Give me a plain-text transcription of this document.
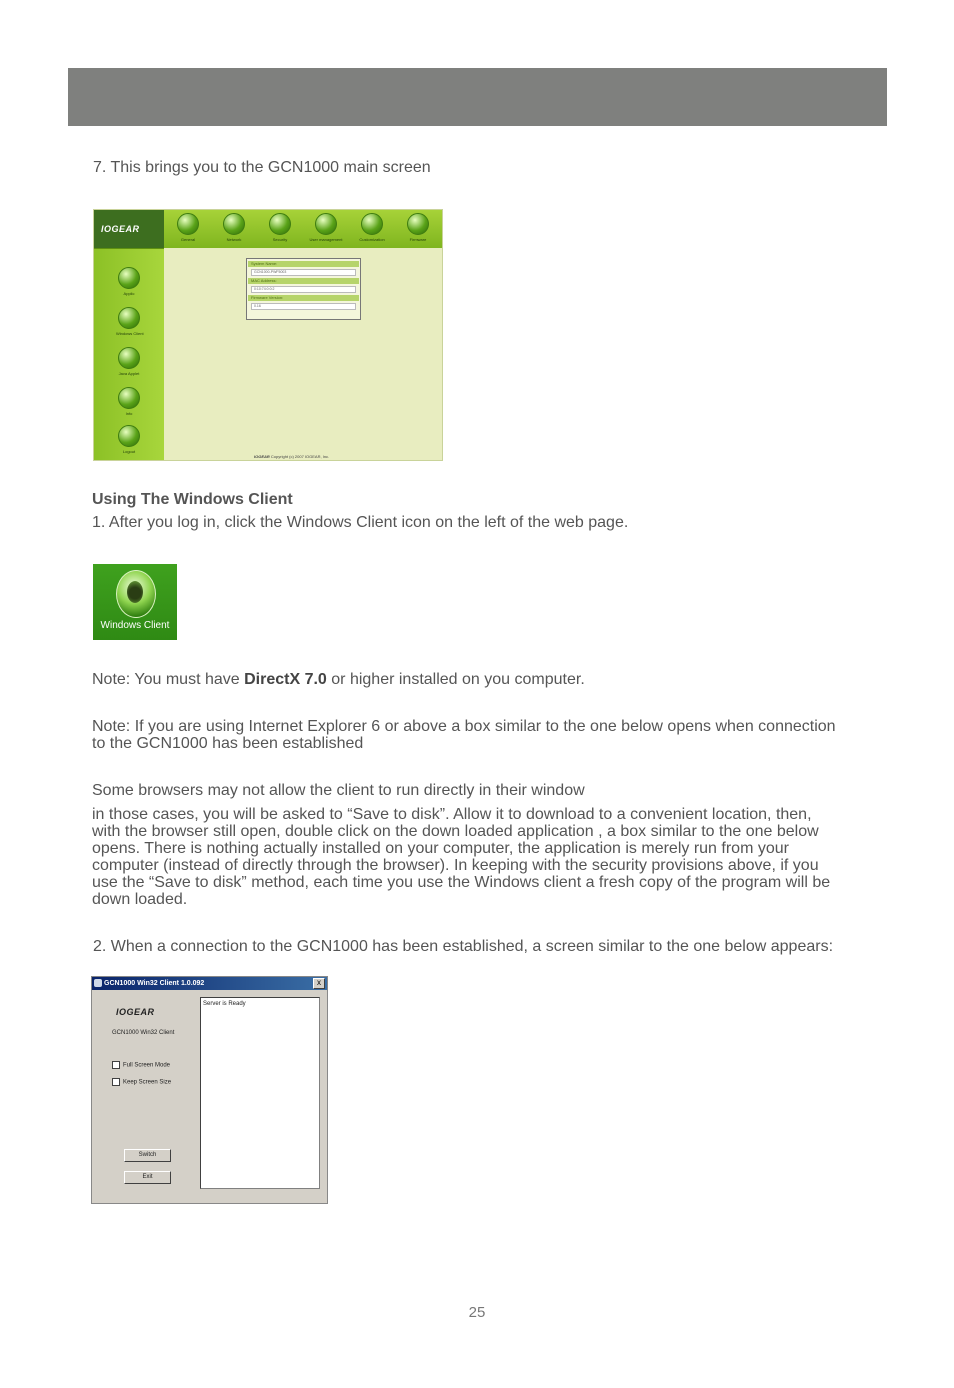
7. This brings you to the GCN1000 main screen
IOGEAR
General	Network	Security	User management	Customization	Firmware
Applic
Windows Client
Java Applet
Info
Logout
System Name:
GCN1000-PWF5003
MAC Address:
0:10:74:0:0:2
Firmware Version:
0.16
IOGEAR Copyright (c) 2007 IOGEAR, Inc.
Using The Windows Client
1. After you log in, click the Windows Client icon on the left of the web page.
Windows Client
Note: You must have DirectX 7.0 or higher installed on you computer.
Note: If you are using Internet Explorer 6 or above a box similar to the one below opens when connection
to the GCN1000 has been established
Some browsers may not allow the client to run directly in their window
in those cases, you will be asked to “Save to disk”. Allow it to download to a convenient location, then,
with the browser still open, double click on the down loaded application , a box similar to the one below
opens. There is nothing actually installed on your computer, the application is merely run from your
computer (instead of directly through the browser). In keeping with the security provisions above, if you
use the “Save to disk” method, each time you use the Windows client a fresh copy of the program will be
down loaded.
2. When a connection to the GCN1000 has been established, a screen similar to the one below appears:
GCN1000 Win32 Client 1.0.092	x
IOGEAR
GCN1000 Win32 Client
Full Screen Mode
Keep Screen Size
Switch
Exit
Server is Ready
25
